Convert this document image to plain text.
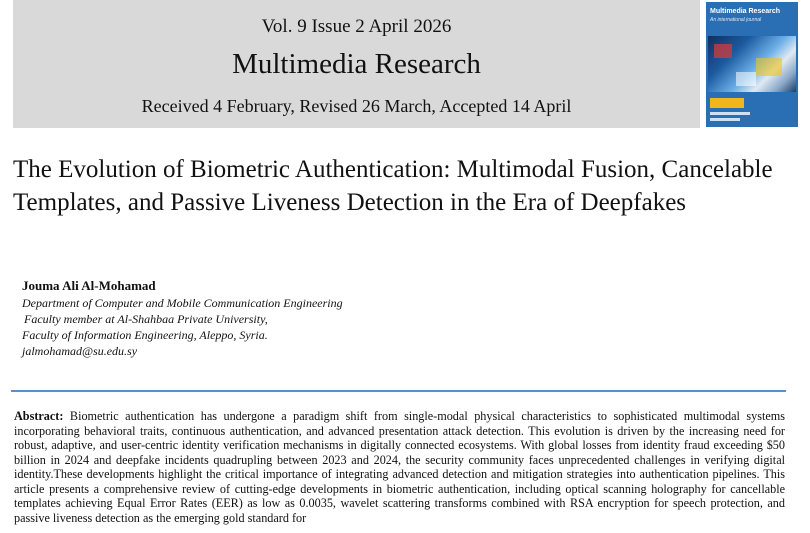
Vol. 9 Issue 2 April 2026
Multimedia Research
Received 4 February, Revised 26 March, Accepted 14 April
Multimedia Research
An international journal
The Evolution of Biometric Authentication: Multimodal Fusion, Cancelable Templates, and Passive Liveness Detection in the Era of Deepfakes
Jouma Ali Al-Mohamad
Department of Computer and Mobile Communication Engineering
Faculty member at Al-Shahbaa Private University,
Faculty of Information Engineering, Aleppo, Syria.
jalmohamad@su.edu.sy
Abstract: Biometric authentication has undergone a paradigm shift from single-modal physical characteristics to sophisticated multimodal systems incorporating behavioral traits, continuous authentication, and advanced presentation attack detection. This evolution is driven by the increasing need for robust, adaptive, and user-centric identity verification mechanisms in digitally connected ecosystems. With global losses from identity fraud exceeding $50 billion in 2024 and deepfake incidents quadrupling between 2023 and 2024, the security community faces unprecedented challenges in verifying digital identity.These developments highlight the critical importance of integrating advanced detection and mitigation strategies into authentication pipelines. This article presents a comprehensive review of cutting-edge developments in biometric authentication, including optical scanning holography for cancellable templates achieving Equal Error Rates (EER) as low as 0.0035, wavelet scattering transforms combined with RSA encryption for speech protection, and passive liveness detection as the emerging gold standard for
